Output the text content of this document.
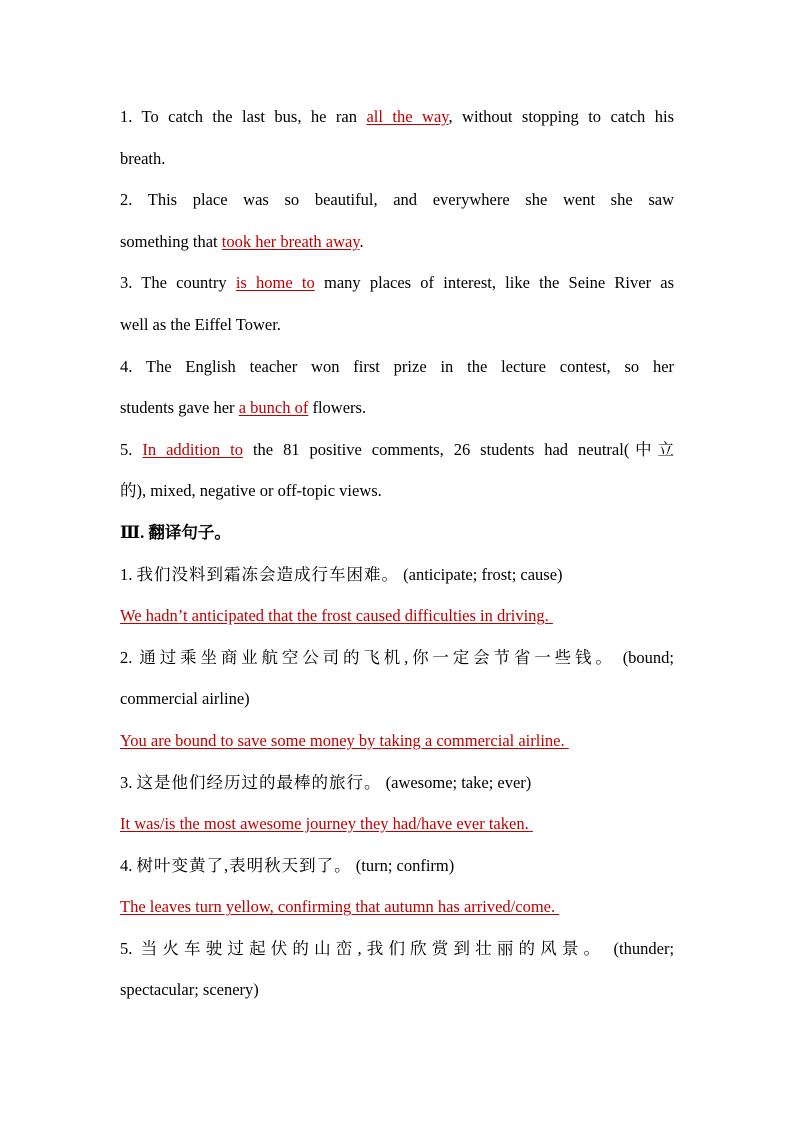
1. To catch the last bus, he ran all the way, without stopping to catch his
breath.
2. This place was so beautiful, and everywhere she went she saw
something that took her breath away.
3. The country is home to many places of interest, like the Seine River as
well as the Eiffel Tower.
4. The English teacher won first prize in the lecture contest, so her
students gave her a bunch of flowers.
5. In addition to the 81 positive comments, 26 students had neutral(中立
的), mixed, negative or off-topic views.
Ⅲ. 翻译句子。
1. 我们没料到霜冻会造成行车困难。 (anticipate; frost; cause)
We hadn’t anticipated that the frost caused difficulties in driving.
2. 通过乘坐商业航空公司的飞机,你一定会节省一些钱。 (bound;
commercial airline)
You are bound to save some money by taking a commercial airline.
3. 这是他们经历过的最棒的旅行。 (awesome; take; ever)
It was/is the most awesome journey they had/have ever taken.
4. 树叶变黄了,表明秋天到了。 (turn; confirm)
The leaves turn yellow, confirming that autumn has arrived/come.
5. 当火车驶过起伏的山峦,我们欣赏到壮丽的风景。 (thunder;
spectacular; scenery)
